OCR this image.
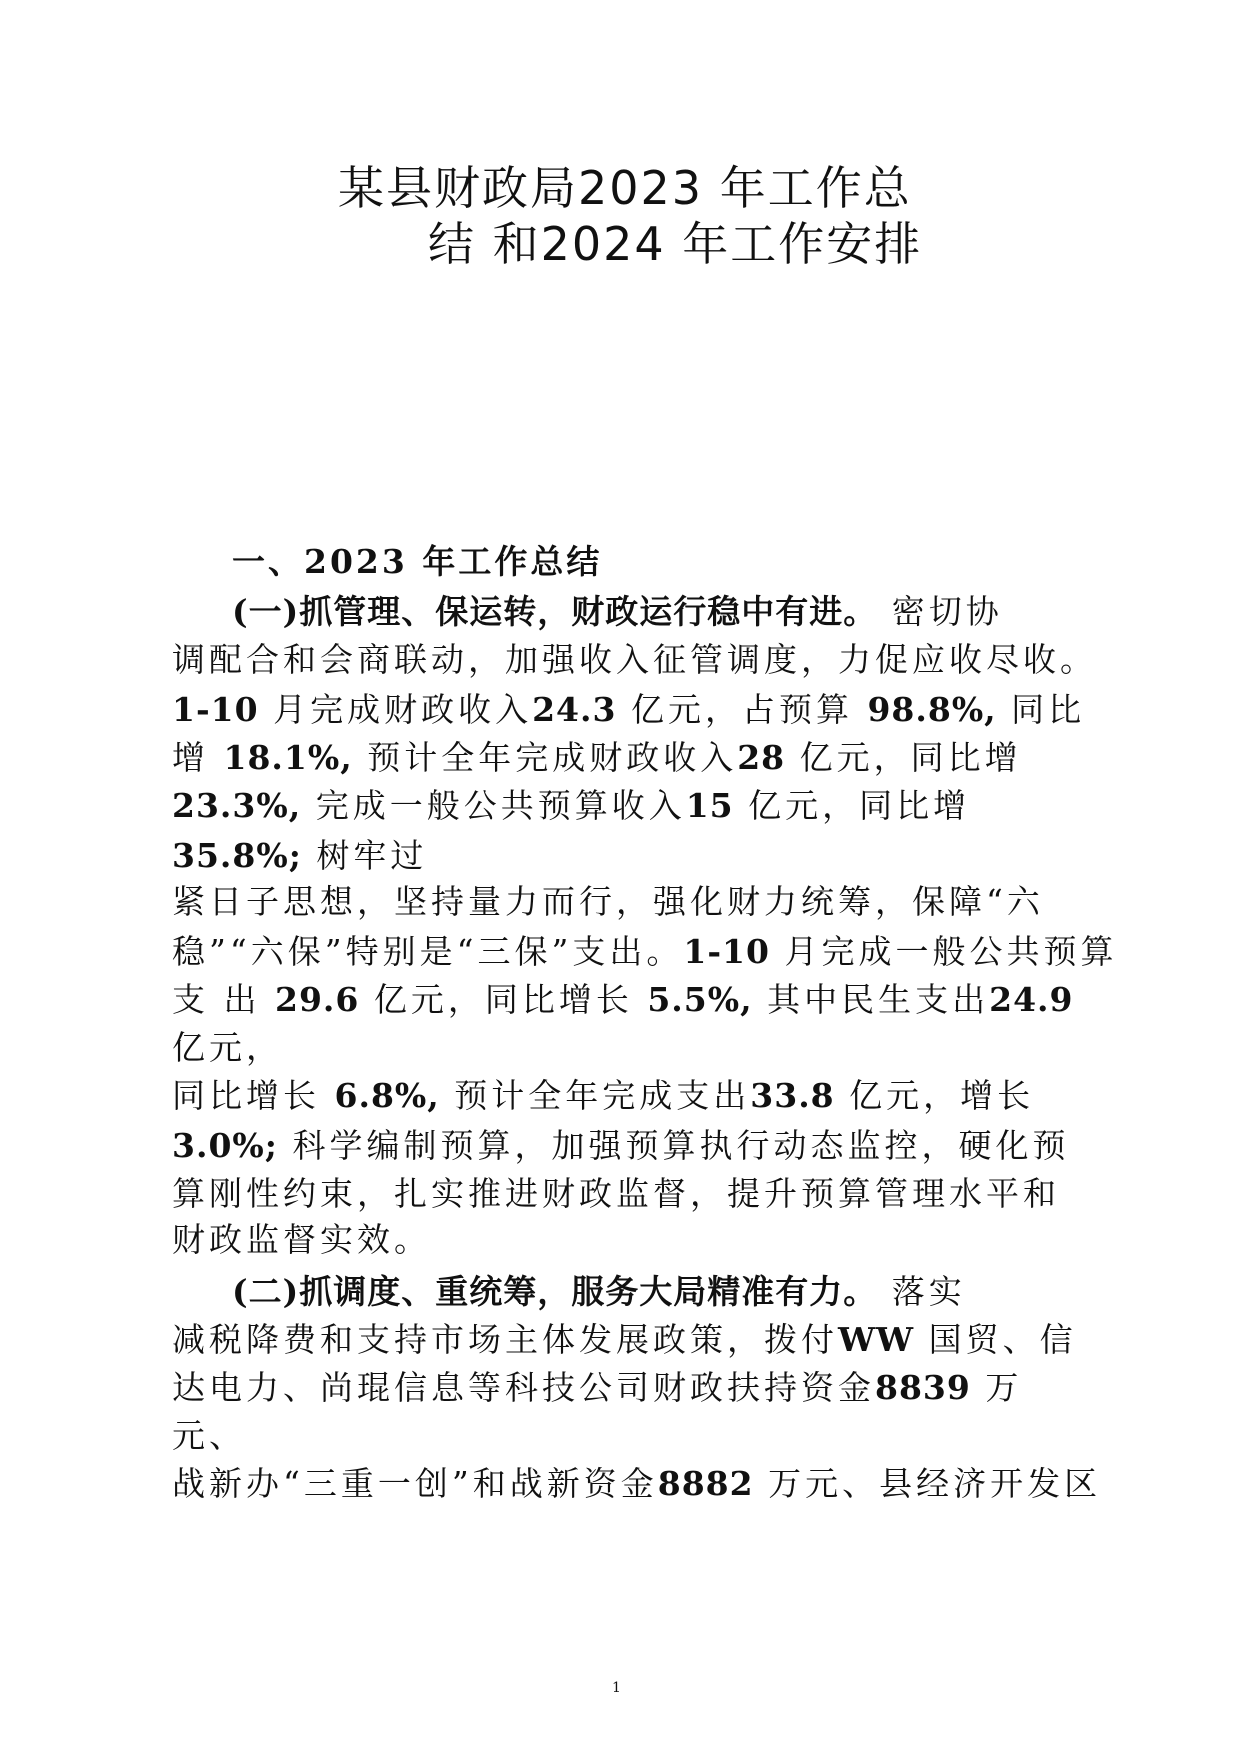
某县财政局2023 年工作总
结 和2024 年工作安排
一、2023 年工作总结
(一)抓管理、保运转，财政运行稳中有进。 密切协
调配合和会商联动，加强收入征管调度，力促应收尽收。
1-10 月完成财政收入24.3 亿元，占预算 98.8%, 同比
增 18.1%, 预计全年完成财政收入28 亿元，同比增
23.3%, 完成一般公共预算收入15 亿元，同比增
35.8%; 树牢过
紧日子思想，坚持量力而行，强化财力统筹，保障“六
稳”“六保”特别是“三保”支出。1-10 月完成一般公共预算
支 出 29.6 亿元，同比增长 5.5%, 其中民生支出24.9
亿元，
同比增长 6.8%, 预计全年完成支出33.8 亿元，增长
3.0%; 科学编制预算，加强预算执行动态监控，硬化预
算刚性约束，扎实推进财政监督，提升预算管理水平和
财政监督实效。
(二)抓调度、重统筹，服务大局精准有力。 落实
减税降费和支持市场主体发展政策，拨付WW 国贸、信
达电力、尚琨信息等科技公司财政扶持资金8839 万
元、
战新办“三重一创”和战新资金8882 万元、县经济开发区
1
